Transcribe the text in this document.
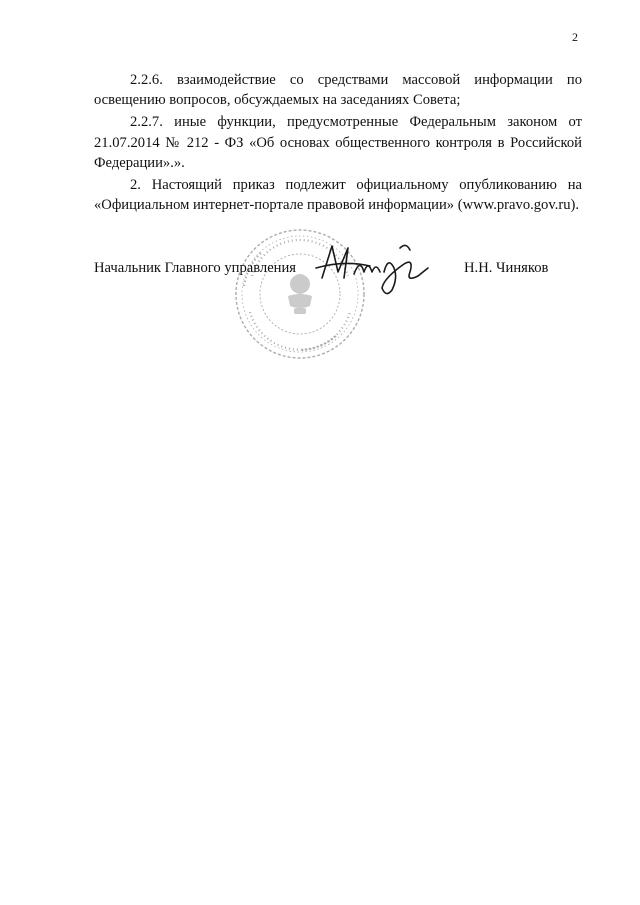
2

2.2.6. взаимодействие со средствами массовой информации по освещению вопросов, обсуждаемых на заседаниях Совета;

2.2.7. иные функции, предусмотренные Федеральным законом от 21.07.2014 № 212 - ФЗ «Об основах общественного контроля в Российской Федерации».».

2. Настоящий приказ подлежит официальному опубликованию на «Официальном интернет-портале правовой информации» (www.pravo.gov.ru).

Начальник Главного управления	Н.Н. Чиняков
